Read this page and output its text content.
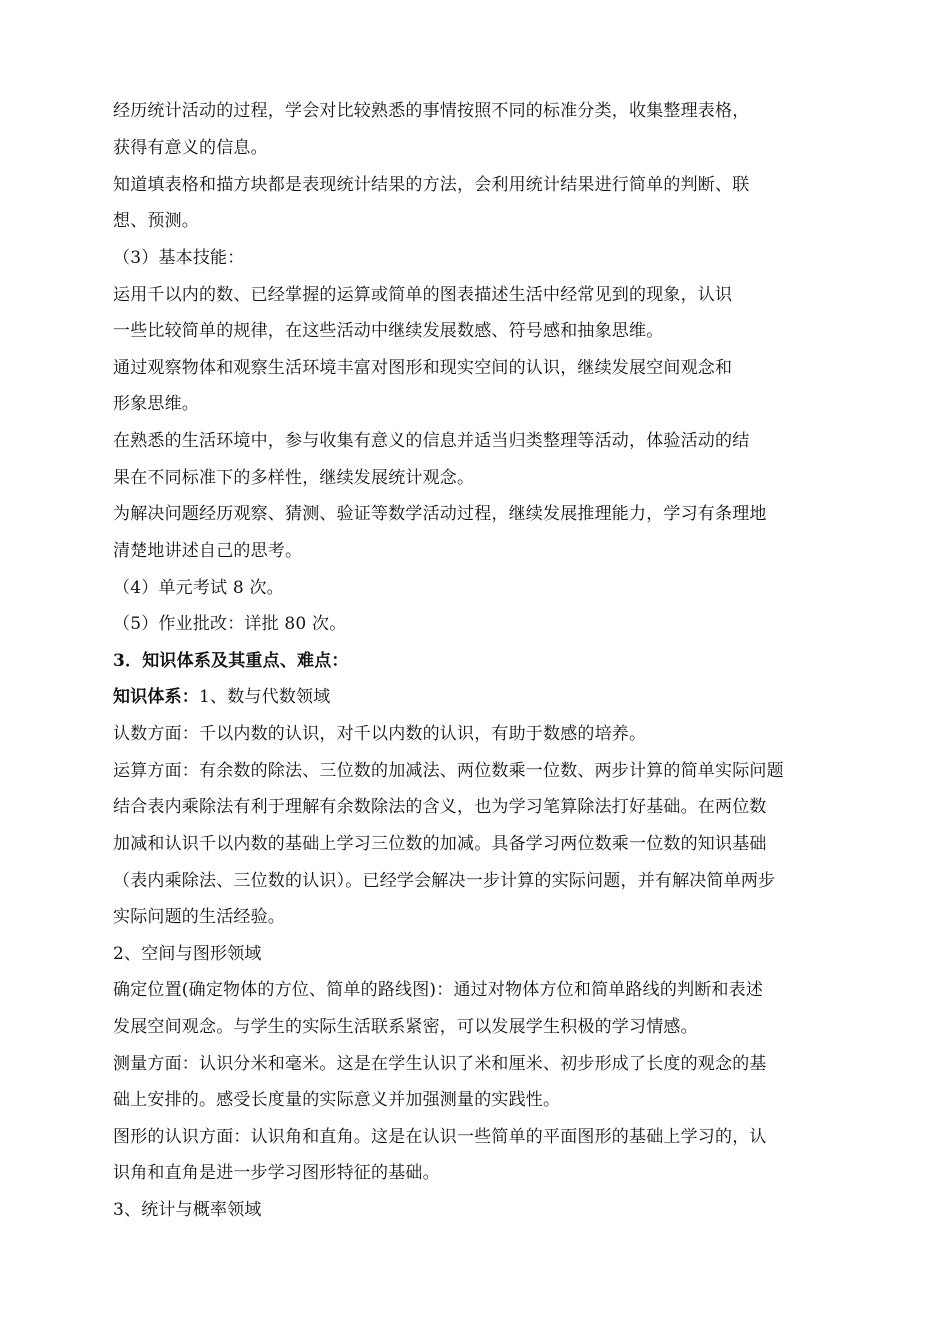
经历统计活动的过程，学会对比较熟悉的事情按照不同的标准分类，收集整理表格，
获得有意义的信息。
知道填表格和描方块都是表现统计结果的方法，会利用统计结果进行简单的判断、联
想、预测。
（3）基本技能：
运用千以内的数、已经掌握的运算或简单的图表描述生活中经常见到的现象，认识
一些比较简单的规律，在这些活动中继续发展数感、符号感和抽象思维。
通过观察物体和观察生活环境丰富对图形和现实空间的认识，继续发展空间观念和
形象思维。
在熟悉的生活环境中，参与收集有意义的信息并适当归类整理等活动，体验活动的结
果在不同标准下的多样性，继续发展统计观念。
为解决问题经历观察、猜测、验证等数学活动过程，继续发展推理能力，学习有条理地
清楚地讲述自己的思考。
（4）单元考试 8 次。
（5）作业批改：详批 80 次。
3．知识体系及其重点、难点：
知识体系：1、数与代数领域
认数方面：千以内数的认识，对千以内数的认识，有助于数感的培养。
运算方面：有余数的除法、三位数的加减法、两位数乘一位数、两步计算的简单实际问题
结合表内乘除法有利于理解有余数除法的含义，也为学习笔算除法打好基础。在两位数
加减和认识千以内数的基础上学习三位数的加减。具备学习两位数乘一位数的知识基础
（表内乘除法、三位数的认识）。已经学会解决一步计算的实际问题，并有解决简单两步
实际问题的生活经验。
2、空间与图形领域
确定位置(确定物体的方位、简单的路线图)：通过对物体方位和简单路线的判断和表述
发展空间观念。与学生的实际生活联系紧密，可以发展学生积极的学习情感。
测量方面：认识分米和毫米。这是在学生认识了米和厘米、初步形成了长度的观念的基
础上安排的。感受长度量的实际意义并加强测量的实践性。
图形的认识方面：认识角和直角。这是在认识一些简单的平面图形的基础上学习的，认
识角和直角是进一步学习图形特征的基础。
3、统计与概率领域
